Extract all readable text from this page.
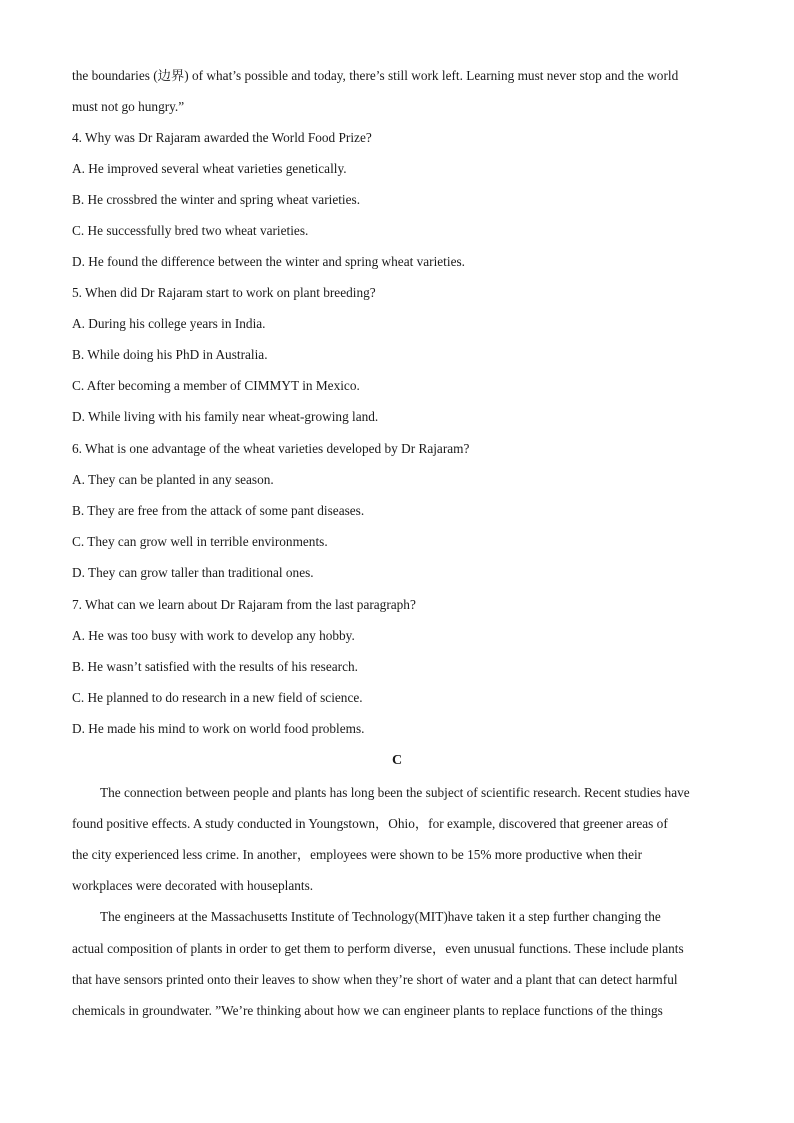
the boundaries (边界) of what’s possible and today, there’s still work left. Learning must never stop and the world

must not go hungry.”

4. Why was Dr Rajaram awarded the World Food Prize?

A. He improved several wheat varieties genetically.

B. He crossbred the winter and spring wheat varieties.

C. He successfully bred two wheat varieties.

D. He found the difference between the winter and spring wheat varieties.

5. When did Dr Rajaram start to work on plant breeding?

A. During his college years in India.

B. While doing his PhD in Australia.

C. After becoming a member of CIMMYT in Mexico.

D. While living with his family near wheat-growing land.

6. What is one advantage of the wheat varieties developed by Dr Rajaram?

A. They can be planted in any season.

B. They are free from the attack of some pant diseases.

C. They can grow well in terrible environments.

D. They can grow taller than traditional ones.

7. What can we learn about Dr Rajaram from the last paragraph?

A. He was too busy with work to develop any hobby.

B. He wasn’t satisfied with the results of his research.

C. He planned to do research in a new field of science.

D. He made his mind to work on world food problems.

C

The connection between people and plants has long been the subject of scientific research. Recent studies have

found positive effects. A study conducted in Youngstown，Ohio，for example, discovered that greener areas of

the city experienced less crime. In another，employees were shown to be 15% more productive when their

workplaces were decorated with houseplants.

The engineers at the Massachusetts Institute of Technology(MIT)have taken it a step further changing the

actual composition of plants in order to get them to perform diverse，even unusual functions. These include plants

that have sensors printed onto their leaves to show when they’re short of water and a plant that can detect harmful

chemicals in groundwater. ”We’re thinking about how we can engineer plants to replace functions of the things
